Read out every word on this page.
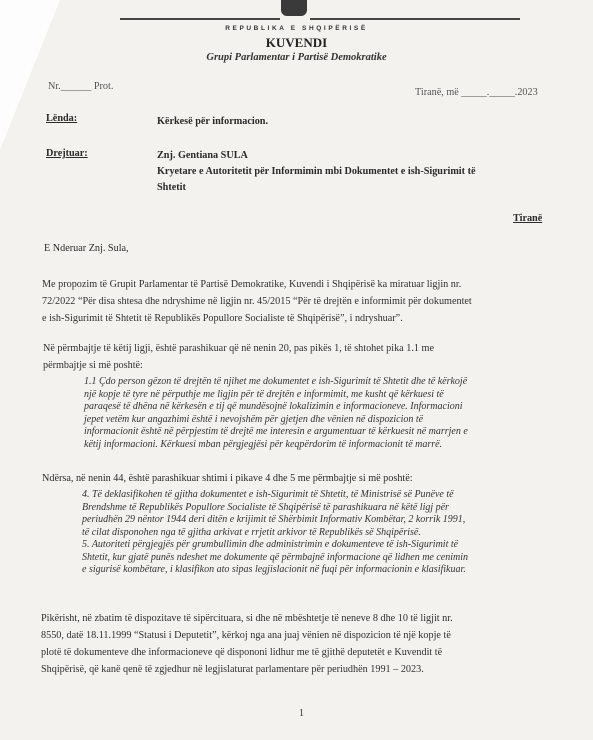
REPUBLIKA E SHQIPËRISË
KUVENDI
Grupi Parlamentar i Partisë Demokratike
Nr.______ Prot.
Tiranë, më _____._____.2023
Lënda:	Kërkesë për informacion.
Drejtuar:	Znj. Gentiana SULA
Kryetare e Autoritetit për Informimin mbi Dokumentet e ish-Sigurimit të
Shtetit
Tiranë
E Nderuar Znj. Sula,
Me propozim të Grupit Parlamentar të Partisë Demokratike, Kuvendi i Shqipërisë ka miratuar ligjin nr.
72/2022 “Për disa shtesa dhe ndryshime në ligjin nr. 45/2015 “Për të drejtën e informimit për dokumentet
e ish-Sigurimit të Shtetit të Republikës Popullore Socialiste të Shqipërisë”, i ndryshuar”.
Në përmbajtje të këtij ligji, është parashikuar që në nenin 20, pas pikës 1, të shtohet pika 1.1 me
përmbajtje si më poshtë:
1.1 Çdo person gëzon të drejtën të njihet me dokumentet e ish-Sigurimit të Shtetit dhe të kërkojë
një kopje të tyre në përputhje me ligjin për të drejtën e informimit, me kusht që kërkuesi të
paraqesë të dhëna në kërkesën e tij që mundësojnë lokalizimin e informacioneve. Informacioni
jepet vetëm kur angazhimi është i nevojshëm për gjetjen dhe vënien në dispozicion të
informacionit është në përpjestim të drejtë me interesin e argumentuar të kërkuesit në marrjen e
këtij informacioni. Kërkuesi mban përgjegjësi për keqpërdorim të informacionit të marrë.
Ndërsa, në nenin 44, është parashikuar shtimi i pikave 4 dhe 5 me përmbajtje si më poshtë:
4. Të deklasifikohen të gjitha dokumentet e ish-Sigurimit të Shtetit, të Ministrisë së Punëve të
Brendshme të Republikës Popullore Socialiste të Shqipërisë të parashikuara në këtë ligj për
periudhën 29 nëntor 1944 deri ditën e krijimit të Shërbimit Informativ Kombëtar, 2 korrik 1991,
të cilat disponohen nga të gjitha arkivat e rrjetit arkivor të Republikës së Shqipërisë.
5. Autoriteti përgjegjës për grumbullimin dhe administrimin e dokumenteve të ish-Sigurimit të
Shtetit, kur gjatë punës ndeshet me dokumente që përmbajnë informacione që lidhen me cenimin
e sigurisë kombëtare, i klasifikon ato sipas legjislacionit në fuqi për informacionin e klasifikuar.
Pikërisht, në zbatim të dispozitave të sipërcituara, si dhe në mbështetje të neneve 8 dhe 10 të ligjit nr.
8550, datë 18.11.1999 “Statusi i Deputetit”, kërkoj nga ana juaj vënien në dispozicion të një kopje të
plotë të dokumenteve dhe informacioneve që dispononi lidhur me të gjithë deputetët e Kuvendit të
Shqipërisë, që kanë qenë të zgjedhur në legjislaturat parlamentare për periudhën 1991 – 2023.
1
